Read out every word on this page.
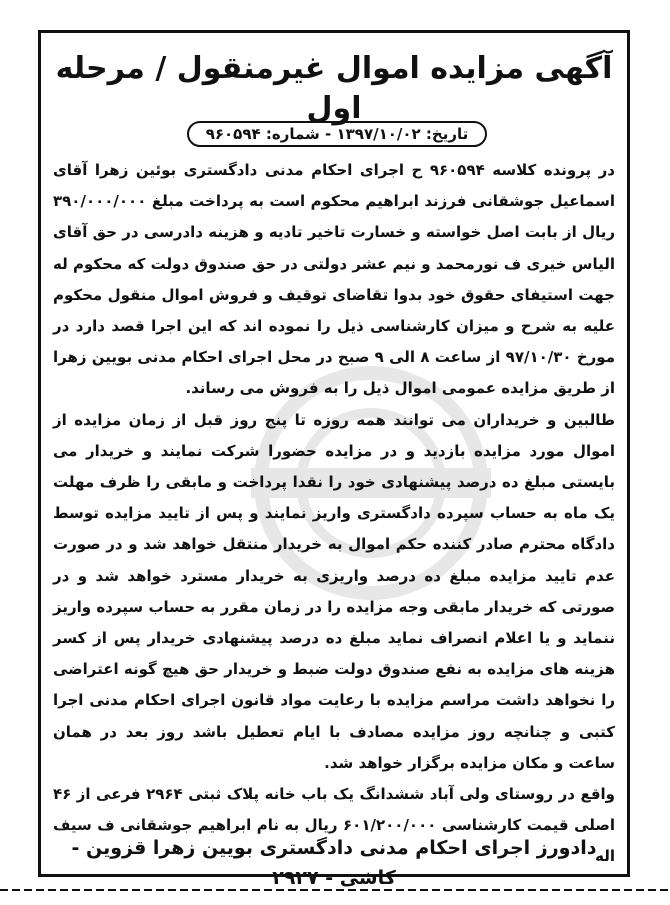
آگهی مزایده اموال غیرمنقول / مرحله اول
تاریخ: ۱۳۹۷/۱۰/۰۲ - شماره: ۹۶۰۵۹۴

در پرونده کلاسه ۹۶۰۵۹۴ ح اجرای احکام مدنی دادگستری بوئین زهرا آقای اسماعیل جوشقانی فرزند ابراهیم محکوم است به پرداخت مبلغ ۳۹۰/۰۰۰/۰۰۰ ریال از بابت اصل خواسته و خسارت تاخیر تادیه و هزینه دادرسی در حق آقای الیاس خیری ف نورمحمد و نیم عشر دولتی در حق صندوق دولت که محکوم له جهت استیفای حقوق خود بدوا تقاضای توقیف و فروش اموال منقول محکوم علیه به شرح و میزان کارشناسی ذیل را نموده اند که این اجرا قصد دارد در مورخ ۹۷/۱۰/۳۰ از ساعت ۸ الی ۹ صبح در محل اجرای احکام مدنی بویین زهرا از طریق مزایده عمومی اموال ذیل را به فروش می رساند.

طالبین و خریداران می توانند همه روزه تا پنج روز قبل از زمان مزایده از اموال مورد مزایده بازدید و در مزایده حضورا شرکت نمایند و خریدار می بایستی مبلغ ده درصد پیشنهادی خود را نقدا پرداخت و مابقی را ظرف مهلت یک ماه به حساب سپرده دادگستری واریز نمایند و پس از تایید مزایده توسط دادگاه محترم صادر کننده حکم اموال به خریدار منتقل خواهد شد و در صورت عدم تایید مزایده مبلغ ده درصد واریزی به خریدار مسترد خواهد شد و در صورتی که خریدار مابقی وجه مزایده را در زمان مقرر به حساب سپرده واریز ننماید و یا اعلام انصراف نماید مبلغ ده درصد پیشنهادی خریدار پس از کسر هزینه های مزایده به نفع صندوق دولت ضبط و خریدار حق هیچ گونه اعتراضی را نخواهد داشت مراسم مزایده با رعایت مواد قانون اجرای احکام مدنی اجرا کتبی و چنانچه روز مزایده مصادف با ایام تعطیل باشد روز بعد در همان ساعت و مکان مزایده برگزار خواهد شد.

واقع در روستای ولی آباد ششدانگ یک باب خانه پلاک ثبتی ۲۹۶۴ فرعی از ۴۶ اصلی قیمت کارشناسی ۶۰۱/۲۰۰/۰۰۰ ریال به نام ابراهیم جوشقانی ف سیف اله

دادورز اجرای احکام مدنی دادگستری بویین زهرا قزوین - کاشی - ۲۹۲۷
